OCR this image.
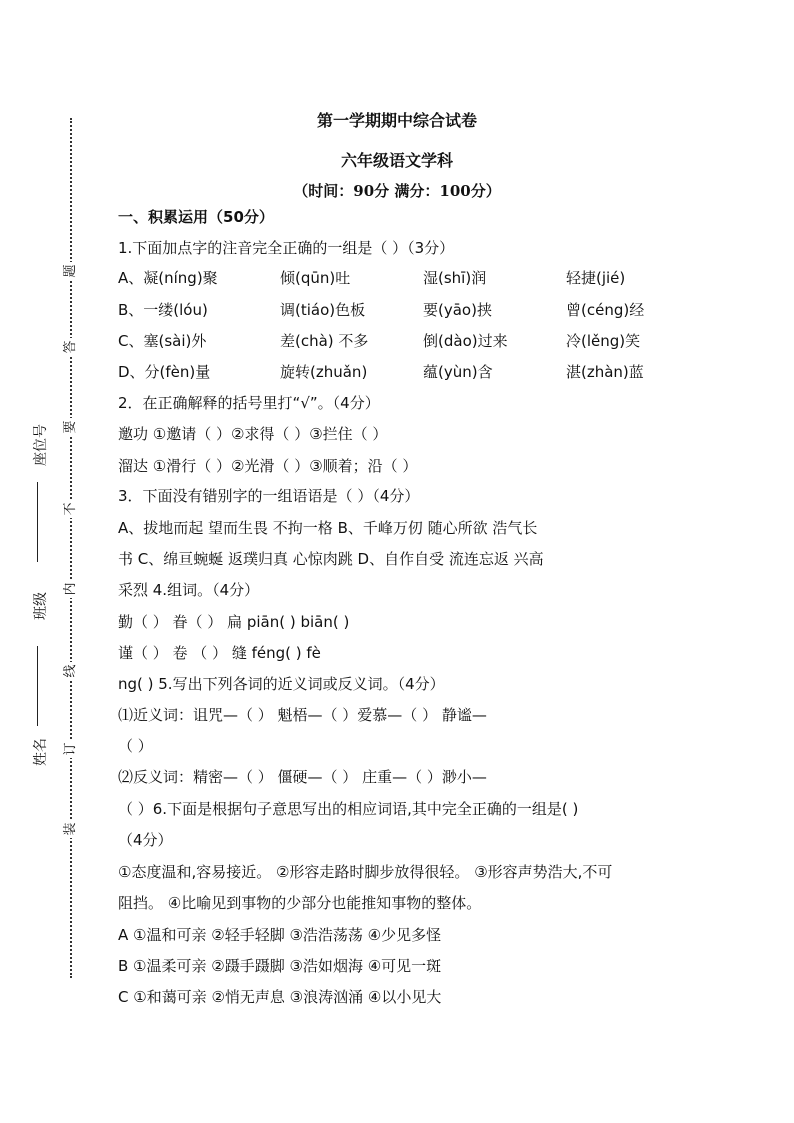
题
答
要
不
内
线
订
装
座位号
班级
姓名
第一学期期中综合试卷
六年级语文学科
（时间：90分 满分：100分）
一、积累运用（50分）
1.下面加点字的注音完全正确的一组是（ ）（3分）
A、凝(níng)聚	倾(qūn)吐	湿(shī)润	轻捷(jié)
B、一缕(lóu)	调(tiáo)色板	要(yāo)挟	曾(céng)经
C、塞(sài)外	差(chà) 不多	倒(dào)过来	冷(lěng)笑
D、分(fèn)量	旋转(zhuǎn)	蕴(yùn)含	湛(zhàn)蓝
2．在正确解释的括号里打“√”。（4分）
邀功 ①邀请（ ）②求得（ ）③拦住（ ）
溜达 ①滑行（ ）②光滑（ ）③顺着；沿（ ）
3．下面没有错别字的一组语语是（ ）（4分）
A、拔地而起 望而生畏 不拘一格 B、千峰万仞 随心所欲 浩气长
书 C、绵亘蜿蜒 返璞归真 心惊肉跳 D、自作自受 流连忘返 兴高
采烈 4.组词。（4分）
勤（ ） 眷（ ） 扁 piān( ) biān( )
谨（ ） 卷 （ ） 缝 féng( ) fè
ng( ) 5.写出下列各词的近义词或反义词。（4分）
⑴近义词：诅咒—（ ） 魁梧—（ ）爱慕—（ ） 静谧—
（ ）
⑵反义词：精密—（ ） 僵硬—（ ） 庄重—（ ）渺小—
（ ）6.下面是根据句子意思写出的相应词语,其中完全正确的一组是( )
（4分）
①态度温和,容易接近。 ②形容走路时脚步放得很轻。 ③形容声势浩大,不可
阻挡。 ④比喻见到事物的少部分也能推知事物的整体。
A ①温和可亲 ②轻手轻脚 ③浩浩荡荡 ④少见多怪
B ①温柔可亲 ②蹑手蹑脚 ③浩如烟海 ④可见一斑
C ①和蔼可亲 ②悄无声息 ③浪涛汹涌 ④以小见大
